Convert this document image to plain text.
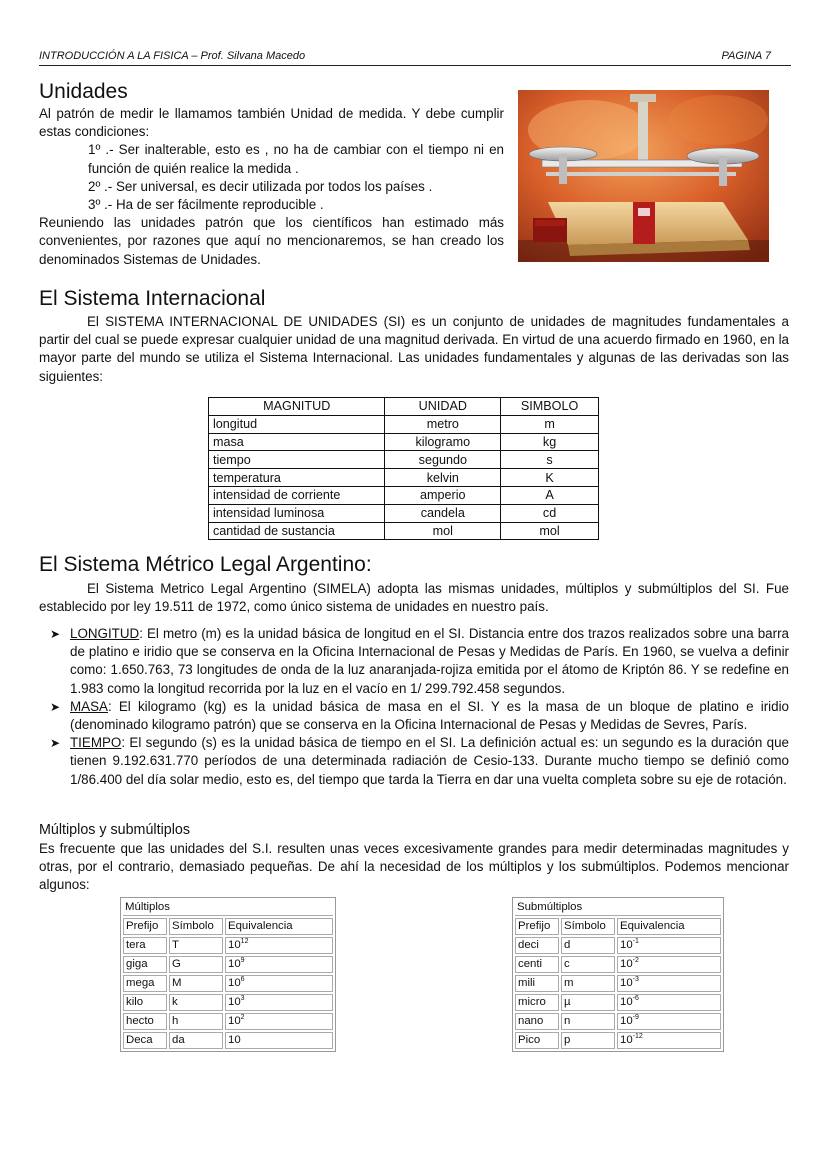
INTRODUCCIÓN A LA FISICA – Prof. Silvana Macedo	PAGINA 7
Unidades

Al patrón de medir le llamamos también Unidad de medida. Y debe cumplir estas condiciones:

1º .- Ser inalterable, esto es , no ha de cambiar con el tiempo ni en función de quién realice la medida .

2º .- Ser universal, es decir utilizada por todos los países .

3º .- Ha de ser fácilmente reproducible .

Reuniendo las unidades patrón que los científicos han estimado más convenientes, por razones que aquí no mencionaremos, se han creado los denominados Sistemas de Unidades.

El Sistema Internacional

El SISTEMA INTERNACIONAL DE UNIDADES (SI) es un conjunto de unidades de magnitudes fundamentales a partir del cual se puede expresar cualquier unidad de una magnitud derivada. En virtud de una acuerdo firmado en 1960, en la mayor parte del mundo se utiliza el Sistema Internacional. Las unidades fundamentales y algunas de las derivadas son las siguientes:

MAGNITUD	UNIDAD	SIMBOLO
longitud	metro	m
masa	kilogramo	kg
tiempo	segundo	s
temperatura	kelvin	K
intensidad de corriente	amperio	A
intensidad luminosa	candela	cd
cantidad de sustancia	mol	mol
El Sistema Métrico Legal Argentino:

El Sistema Metrico Legal Argentino (SIMELA) adopta las mismas unidades, múltiplos y submúltiplos del SI. Fue establecido por ley 19.511 de 1972, como único sistema de unidades en nuestro país.

➤ LONGITUD: El metro (m) es la unidad básica de longitud en el SI. Distancia entre dos trazos realizados sobre una barra de platino e iridio que se conserva en la Oficina Internacional de Pesas y Medidas de París. En 1960, se vuelva a definir como: 1.650.763, 73 longitudes de onda de la luz anaranjada-rojiza emitida por el átomo de Kriptón 86. Y se redefine en 1.983 como la longitud recorrida por la luz en el vacío en 1/ 299.792.458 segundos.
➤ MASA: El kilogramo (kg) es la unidad básica de masa en el SI. Y es la masa de un bloque de platino e iridio (denominado kilogramo patrón) que se conserva en la Oficina Internacional de Pesas y Medidas de Sevres, París.
➤ TIEMPO: El segundo (s) es la unidad básica de tiempo en el SI. La definición actual es: un segundo es la duración que tienen 9.192.631.770 períodos de una determinada radiación de Cesio-133. Durante mucho tiempo se definió como 1/86.400 del día solar medio, esto es, del tiempo que tarda la Tierra en dar una vuelta completa sobre su eje de rotación.
Múltiplos y submúltiplos

Es frecuente que las unidades del S.I. resulten unas veces excesivamente grandes para medir determinadas magnitudes y otras, por el contrario, demasiado pequeñas. De ahí la necesidad de los múltiplos y los submúltiplos. Podemos mencionar algunos:

Múltiplos		
Prefijo	Símbolo	Equivalencia
tera	T	$10^{12}$
giga	G	$10^9$
mega	M	$10^6$
kilo	k	$10^3$
hecto	h	$10^2$
Deca	da	10
Submúltiplos		
Prefijo	Símbolo	Equivalencia
deci	d	$10^{-1}$
centi	c	$10^{-2}$
mili	m	$10^{-3}$
micro	µ	$10^{-6}$
nano	n	$10^{-9}$
Pico	p	$10^{-12}$
